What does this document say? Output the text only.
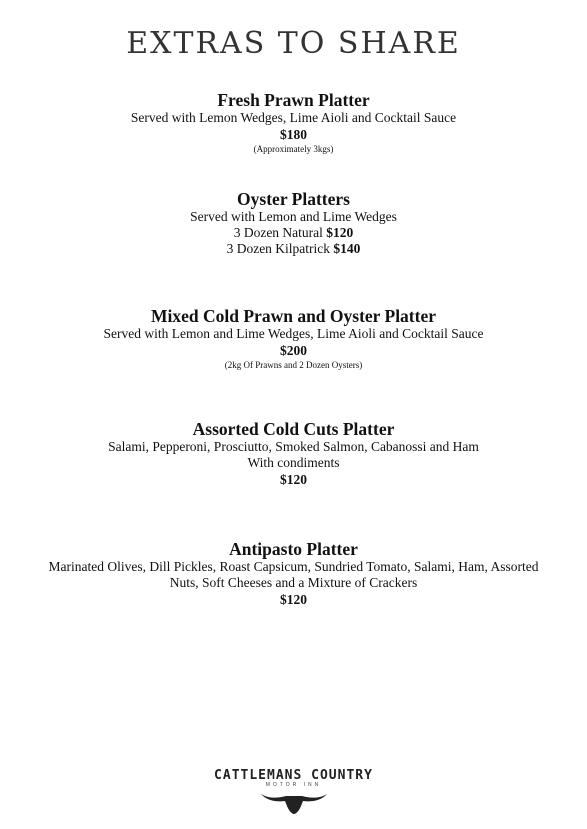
EXTRAS TO SHARE
Fresh Prawn Platter
Served with Lemon Wedges, Lime Aioli and Cocktail Sauce
$180
(Approximately 3kgs)
Oyster Platters
Served with Lemon and Lime Wedges
3 Dozen Natural $120
3 Dozen Kilpatrick $140
Mixed Cold Prawn and Oyster Platter
Served with Lemon and Lime Wedges, Lime Aioli and Cocktail Sauce
$200
(2kg Of Prawns and 2 Dozen Oysters)
Assorted Cold Cuts Platter
Salami, Pepperoni, Prosciutto, Smoked Salmon, Cabanossi and Ham
With condiments
$120
Antipasto Platter
Marinated Olives, Dill Pickles, Roast Capsicum, Sundried Tomato, Salami, Ham, Assorted Nuts, Soft Cheeses and a Mixture of Crackers
$120
CATTLEMANS COUNTRY
MOTOR INN
